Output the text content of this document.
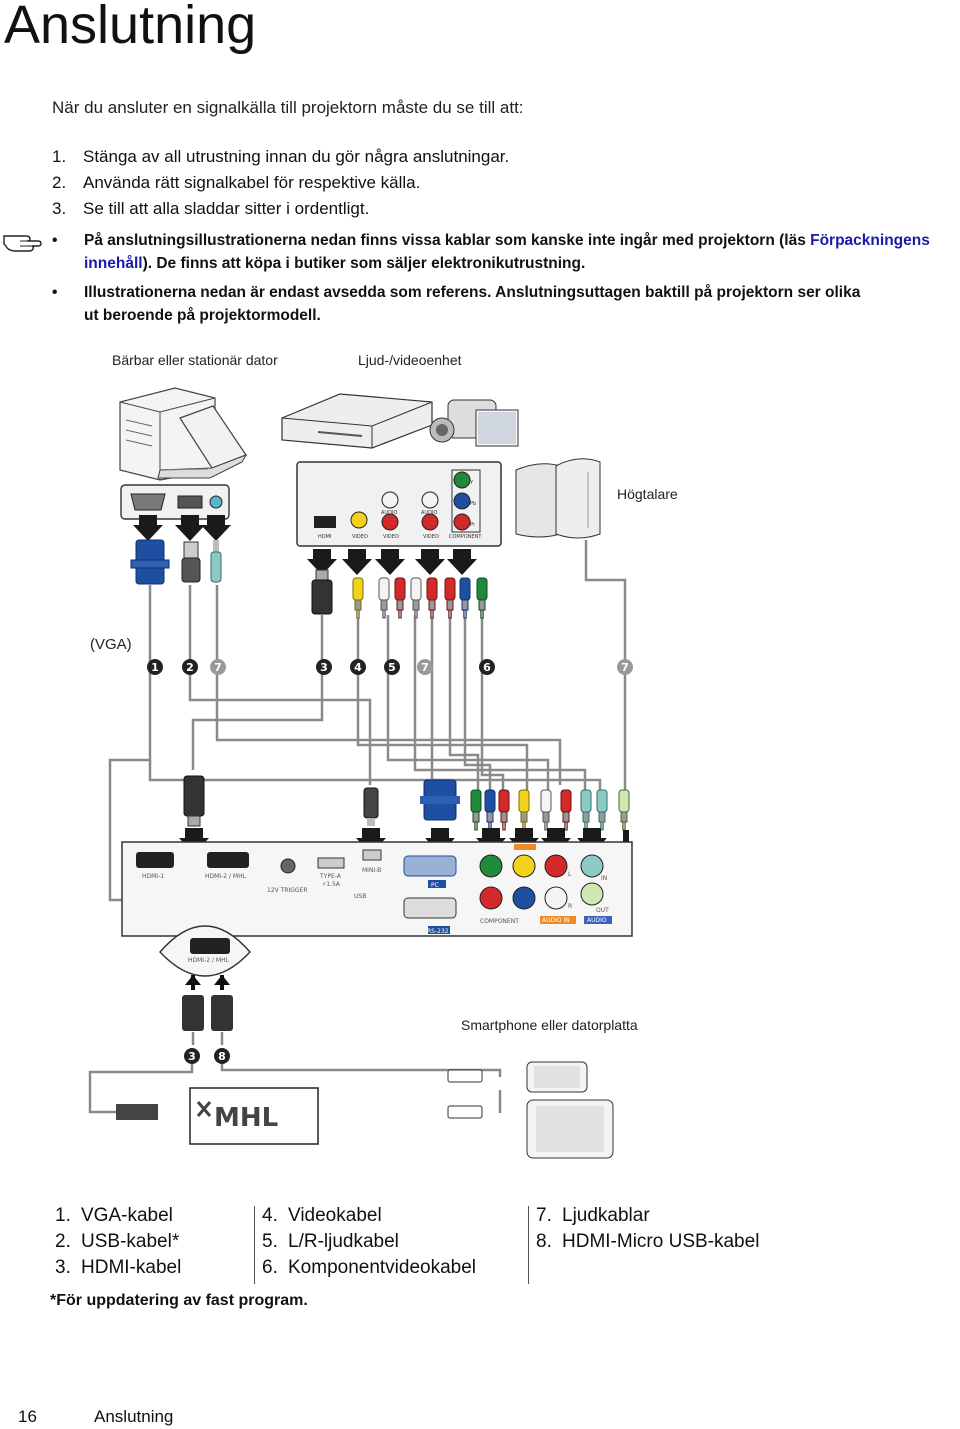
Anslutning
När du ansluter en signalkälla till projektorn måste du se till att:
1. Stänga av all utrustning innan du gör några anslutningar.
2. Använda rätt signalkabel för respektive källa.
3. Se till att alla sladdar sitter i ordentligt.
• På anslutningsillustrationerna nedan finns vissa kablar som kanske inte ingår med projektorn (läs Förpackningens innehåll). De finns att köpa i butiker som säljer elektronikutrustning.
• Illustrationerna nedan är endast avsedda som referens. Anslutningsuttagen baktill på projektorn ser olika
ut beroende på projektormodell.
Bärbar eller stationär dator	Ljud-/videoenhet
Högtalare
(VGA)
Smartphone eller datorplatta
HDMI	VIDEO	VIDEO	VIDEO COMPONENT
AUDIO	AUDIO
Y
Pb
Pr
1 2 7	3 4 5 7	6	7
HDMI-1	HDMI-2 / MHL
12V TRIGGER
TYPE-A
⚡1.5A
MINI-B
USB
PC
RS-232
COMPONENT	AUDIO IN	AUDIO
IN
OUT
L
R
HDMI-2 / MHL
3 8
MHL
1. VGA-kabel
2. USB-kabel*
3. HDMI-kabel
4. Videokabel
5. L/R-ljudkabel
6. Komponentvideokabel
7. Ljudkablar
8. HDMI-Micro USB-kabel
*För uppdatering av fast program.
16	Anslutning
